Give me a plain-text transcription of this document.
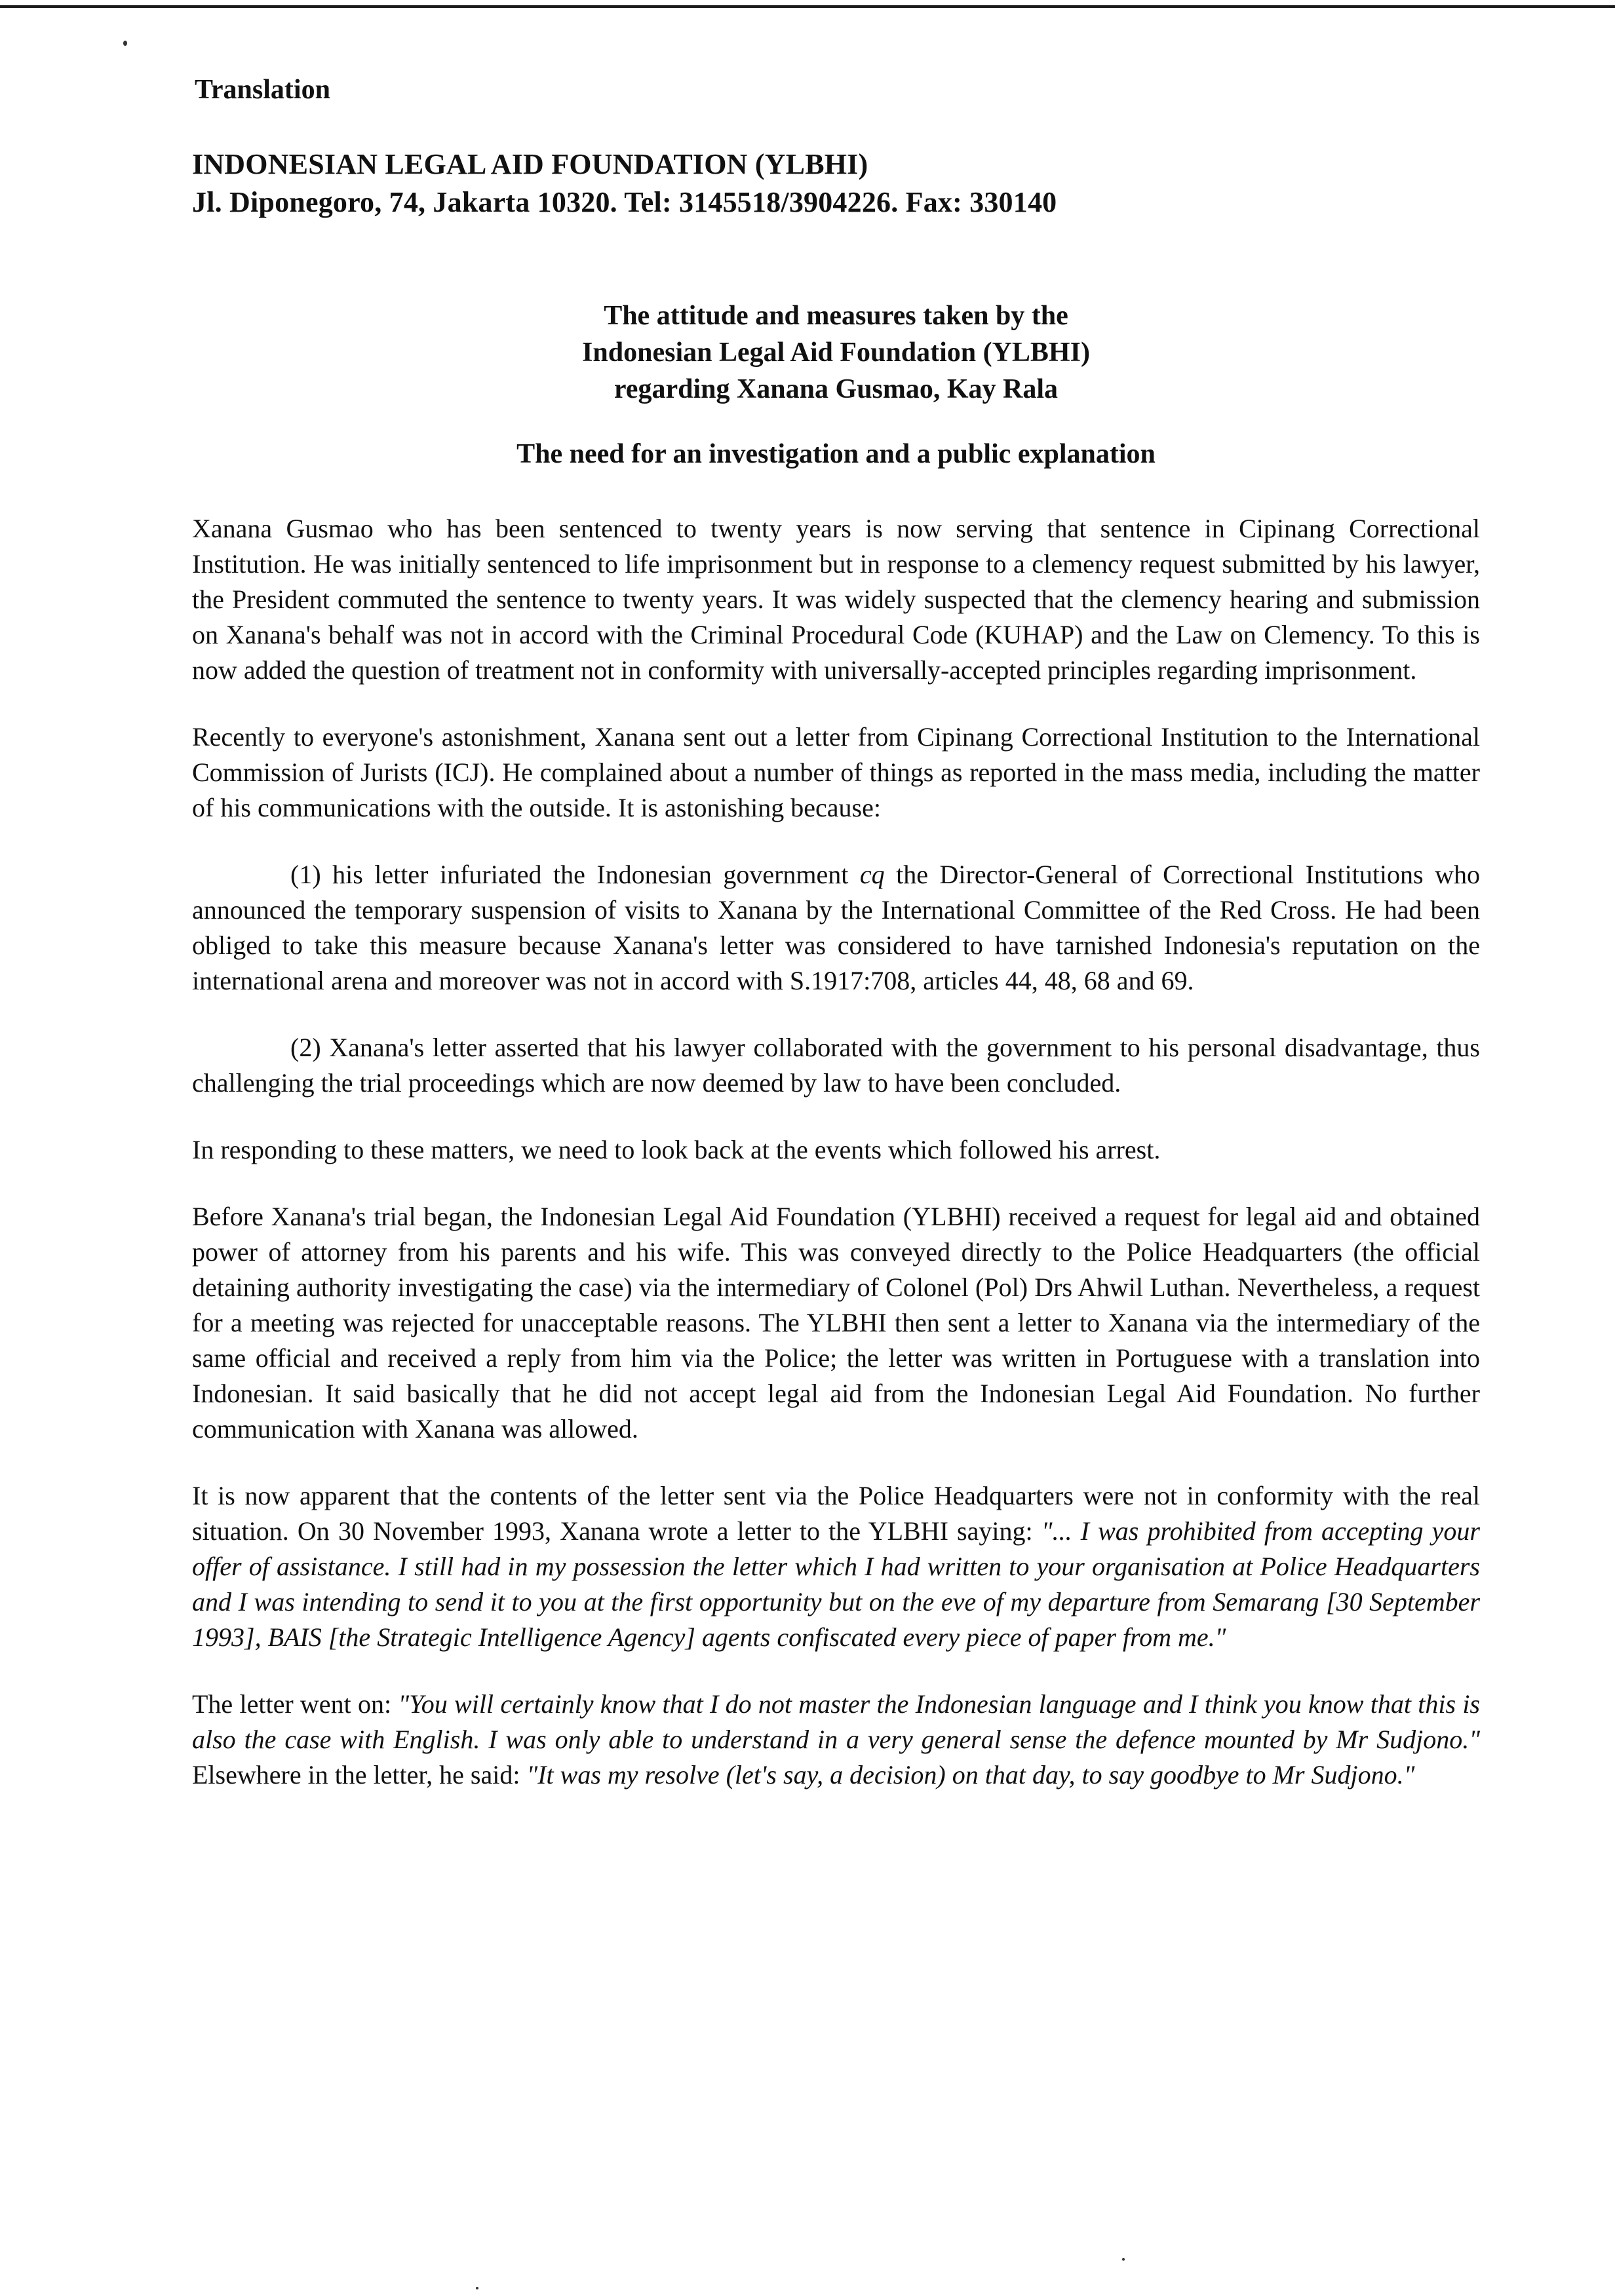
Translation

INDONESIAN LEGAL AID FOUNDATION (YLBHI)

Jl. Diponegoro, 74, Jakarta 10320. Tel: 3145518/3904226. Fax: 330140

The attitude and measures taken by the
Indonesian Legal Aid Foundation (YLBHI)
regarding Xanana Gusmao, Kay Rala
The need for an investigation and a public explanation

Xanana Gusmao who has been sentenced to twenty years is now serving that sentence in Cipinang Correctional Institution. He was initially sentenced to life imprisonment but in response to a clemency request submitted by his lawyer, the President commuted the sentence to twenty years. It was widely suspected that the clemency hearing and submission on Xanana's behalf was not in accord with the Criminal Procedural Code (KUHAP) and the Law on Clemency. To this is now added the question of treatment not in conformity with universally-accepted principles regarding imprisonment.

Recently to everyone's astonishment, Xanana sent out a letter from Cipinang Correctional Institution to the International Commission of Jurists (ICJ). He complained about a number of things as reported in the mass media, including the matter of his communications with the outside. It is astonishing because:

(1) his letter infuriated the Indonesian government cq the Director-General of Correctional Institutions who announced the temporary suspension of visits to Xanana by the International Committee of the Red Cross. He had been obliged to take this measure because Xanana's letter was considered to have tarnished Indonesia's reputation on the international arena and moreover was not in accord with S.1917:708, articles 44, 48, 68 and 69.

(2) Xanana's letter asserted that his lawyer collaborated with the government to his personal disadvantage, thus challenging the trial proceedings which are now deemed by law to have been concluded.

In responding to these matters, we need to look back at the events which followed his arrest.

Before Xanana's trial began, the Indonesian Legal Aid Foundation (YLBHI) received a request for legal aid and obtained power of attorney from his parents and his wife. This was conveyed directly to the Police Headquarters (the official detaining authority investigating the case) via the intermediary of Colonel (Pol) Drs Ahwil Luthan. Nevertheless, a request for a meeting was rejected for unacceptable reasons. The YLBHI then sent a letter to Xanana via the intermediary of the same official and received a reply from him via the Police; the letter was written in Portuguese with a translation into Indonesian. It said basically that he did not accept legal aid from the Indonesian Legal Aid Foundation. No further communication with Xanana was allowed.

It is now apparent that the contents of the letter sent via the Police Headquarters were not in conformity with the real situation. On 30 November 1993, Xanana wrote a letter to the YLBHI saying: "... I was prohibited from accepting your offer of assistance. I still had in my possession the letter which I had written to your organisation at Police Headquarters and I was intending to send it to you at the first opportunity but on the eve of my departure from Semarang [30 September 1993], BAIS [the Strategic Intelligence Agency] agents confiscated every piece of paper from me."

The letter went on: "You will certainly know that I do not master the Indonesian language and I think you know that this is also the case with English. I was only able to understand in a very general sense the defence mounted by Mr Sudjono." Elsewhere in the letter, he said: "It was my resolve (let's say, a decision) on that day, to say goodbye to Mr Sudjono."
